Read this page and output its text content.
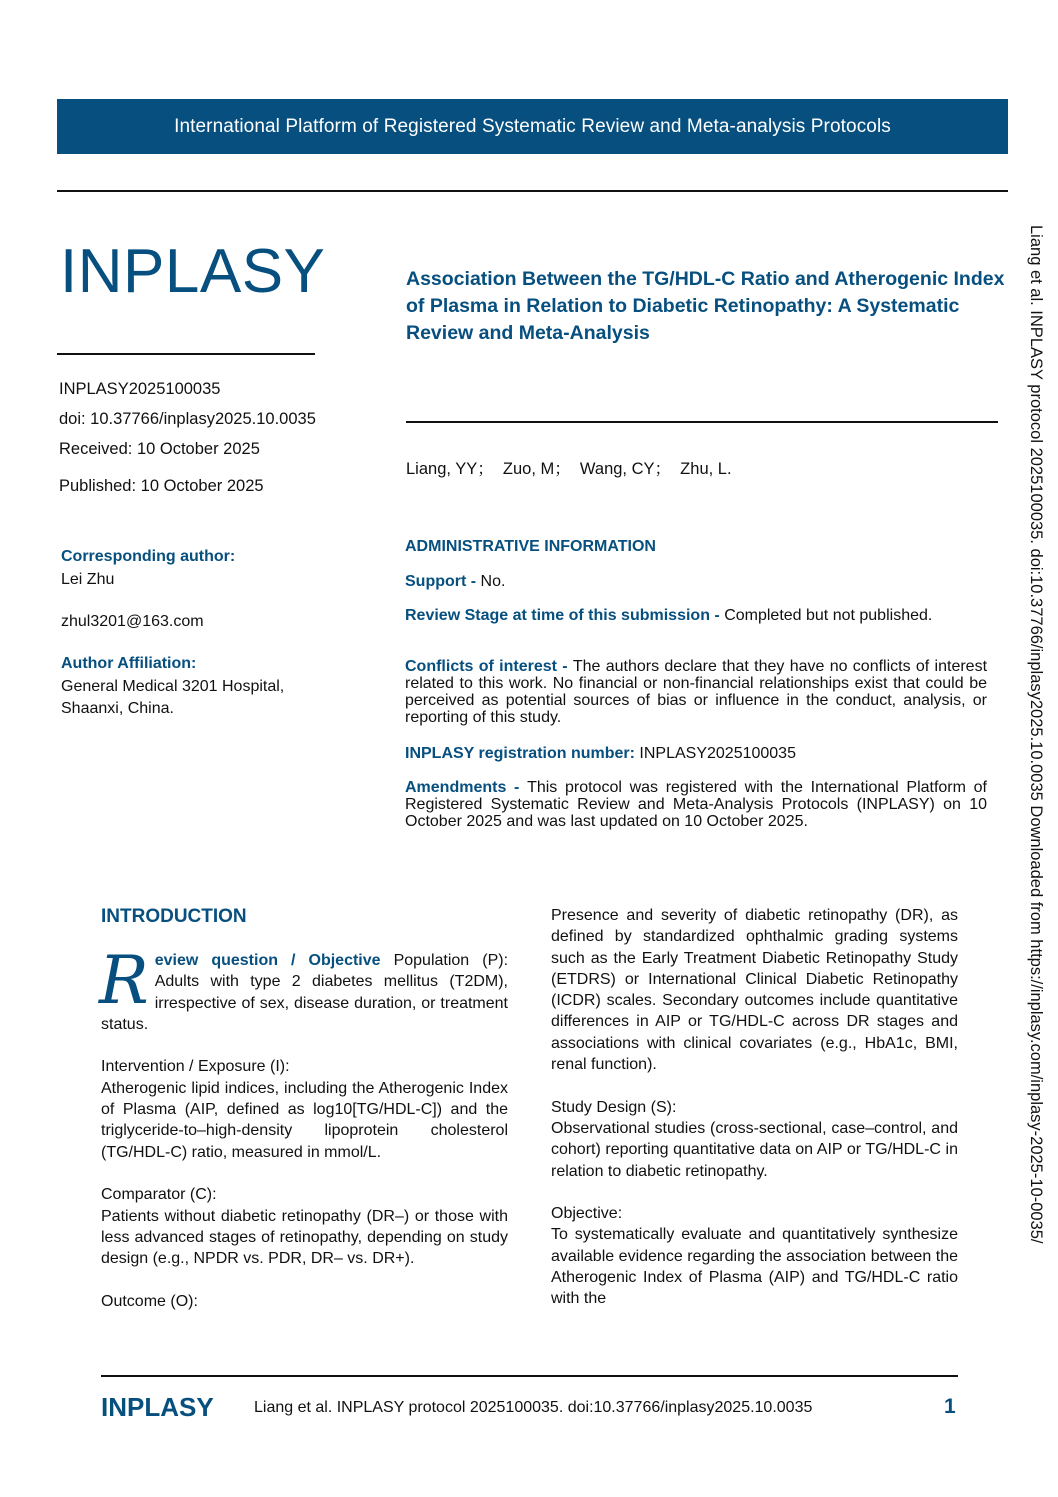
International Platform of Registered Systematic Review and Meta-analysis Protocols
INPLASY
INPLASY2025100035
doi: 10.37766/inplasy2025.10.0035
Received: 10 October 2025
Published: 10 October 2025
Association Between the TG/HDL-C Ratio and Atherogenic Index of Plasma in Relation to Diabetic Retinopathy: A Systematic Review and Meta-Analysis
Liang, YY；  Zuo, M；  Wang, CY；  Zhu, L.
Corresponding author:
Lei Zhu
zhul3201@163.com
Author Affiliation:
General Medical 3201 Hospital,
Shaanxi, China.
ADMINISTRATIVE INFORMATION
Support - No.
Review Stage at time of this submission - Completed but not published.
Conflicts of interest - The authors declare that they have no conflicts of interest related to this work. No financial or non-financial relationships exist that could be perceived as potential sources of bias or influence in the conduct, analysis, or reporting of this study.
INPLASY registration number: INPLASY2025100035
Amendments - This protocol was registered with the International Platform of Registered Systematic Review and Meta-Analysis Protocols (INPLASY) on 10 October 2025 and was last updated on 10 October 2025.
INTRODUCTION

Review question / Objective Population (P): Adults with type 2 diabetes mellitus (T2DM), irrespective of sex, disease duration, or treatment status.

Intervention / Exposure (I):
Atherogenic lipid indices, including the Atherogenic Index of Plasma (AIP, defined as log10[TG/HDL-C]) and the triglyceride-to–high-density lipoprotein cholesterol (TG/HDL-C) ratio, measured in mmol/L.

Comparator (C):
Patients without diabetic retinopathy (DR–) or those with less advanced stages of retinopathy, depending on study design (e.g., NPDR vs. PDR, DR– vs. DR+).

Outcome (O):

Presence and severity of diabetic retinopathy (DR), as defined by standardized ophthalmic grading systems such as the Early Treatment Diabetic Retinopathy Study (ETDRS) or International Clinical Diabetic Retinopathy (ICDR) scales. Secondary outcomes include quantitative differences in AIP or TG/HDL-C across DR stages and associations with clinical covariates (e.g., HbA1c, BMI, renal function).

Study Design (S):
Observational studies (cross-sectional, case–control, and cohort) reporting quantitative data on AIP or TG/HDL-C in relation to diabetic retinopathy.

Objective:
To systematically evaluate and quantitatively synthesize available evidence regarding the association between the Atherogenic Index of Plasma (AIP) and TG/HDL-C ratio with the

INPLASY	Liang et al. INPLASY protocol 2025100035. doi:10.37766/inplasy2025.10.0035	1
Liang et al. INPLASY protocol 2025100035. doi:10.37766/inplasy2025.10.0035 Downloaded from https://inplasy.com/inplasy-2025-10-0035/
